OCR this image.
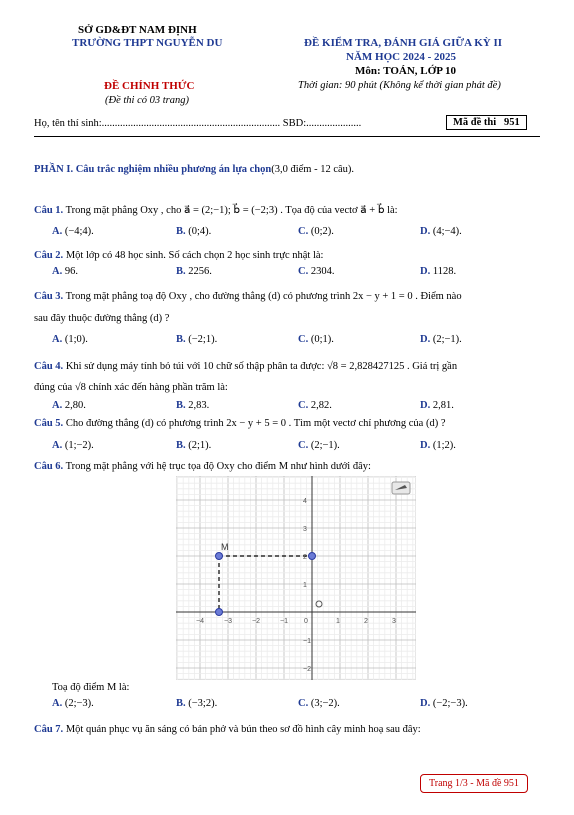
SỞ GD&ĐT NAM ĐỊNH
TRƯỜNG THPT NGUYỄN DU	ĐỀ KIỂM TRA, ĐÁNH GIÁ GIỮA KỲ II
NĂM HỌC 2024 - 2025
Môn: TOÁN, LỚP 10
ĐỀ CHÍNH THỨC	Thời gian: 90 phút (Không kể thời gian phát đề)
(Đề thi có 03 trang)
Họ, tên thí sinh:.................................................................... SBD:.....................	Mã đề thi 951
PHẦN I. Câu trắc nghiệm nhiều phương án lựa chọn(3,0 điểm - 12 câu).
Câu 1. Trong mặt phẳng Oxy , cho a⃗ = (2;−1); b⃗ = (−2;3) . Tọa độ của vectơ a⃗ + b⃗ là:
A. (−4;4).	B. (0;4).	C. (0;2).	D. (4;−4).
Câu 2. Một lớp có 48 học sinh. Số cách chọn 2 học sinh trực nhật là:
A. 96.	B. 2256.	C. 2304.	D. 1128.
Câu 3. Trong mặt phẳng toạ độ Oxy , cho đường thẳng (d) có phương trình 2x − y + 1 = 0 . Điểm nào
sau đây thuộc đường thẳng (d) ?
A. (1;0).	B. (−2;1).	C. (0;1).	D. (2;−1).
Câu 4. Khi sử dụng máy tính bỏ túi với 10 chữ số thập phân ta được: √8 = 2,828427125 . Giá trị gần
đúng của √8 chính xác đến hàng phần trăm là:
A. 2,80.	B. 2,83.	C. 2,82.	D. 2,81.
Câu 5. Cho đường thẳng (d) có phương trình 2x − y + 5 = 0 . Tìm một vectơ chỉ phương của (d) ?
A. (1;−2).	B. (2;1).	C. (2;−1).	D. (1;2).
Câu 6. Trong mặt phẳng với hệ trục tọa độ Oxy cho điểm M như hình dưới đây:
−4	−3	−2	−1 0	1	2	3
4
3
2
1
−1
−2
M
Toạ độ điểm M là:
A. (2;−3).	B. (−3;2).	C. (3;−2).	D. (−2;−3).
Câu 7. Một quán phục vụ ăn sáng có bán phở và bún theo sơ đồ hình cây minh hoạ sau đây:
Trang 1/3 - Mã đề 951
